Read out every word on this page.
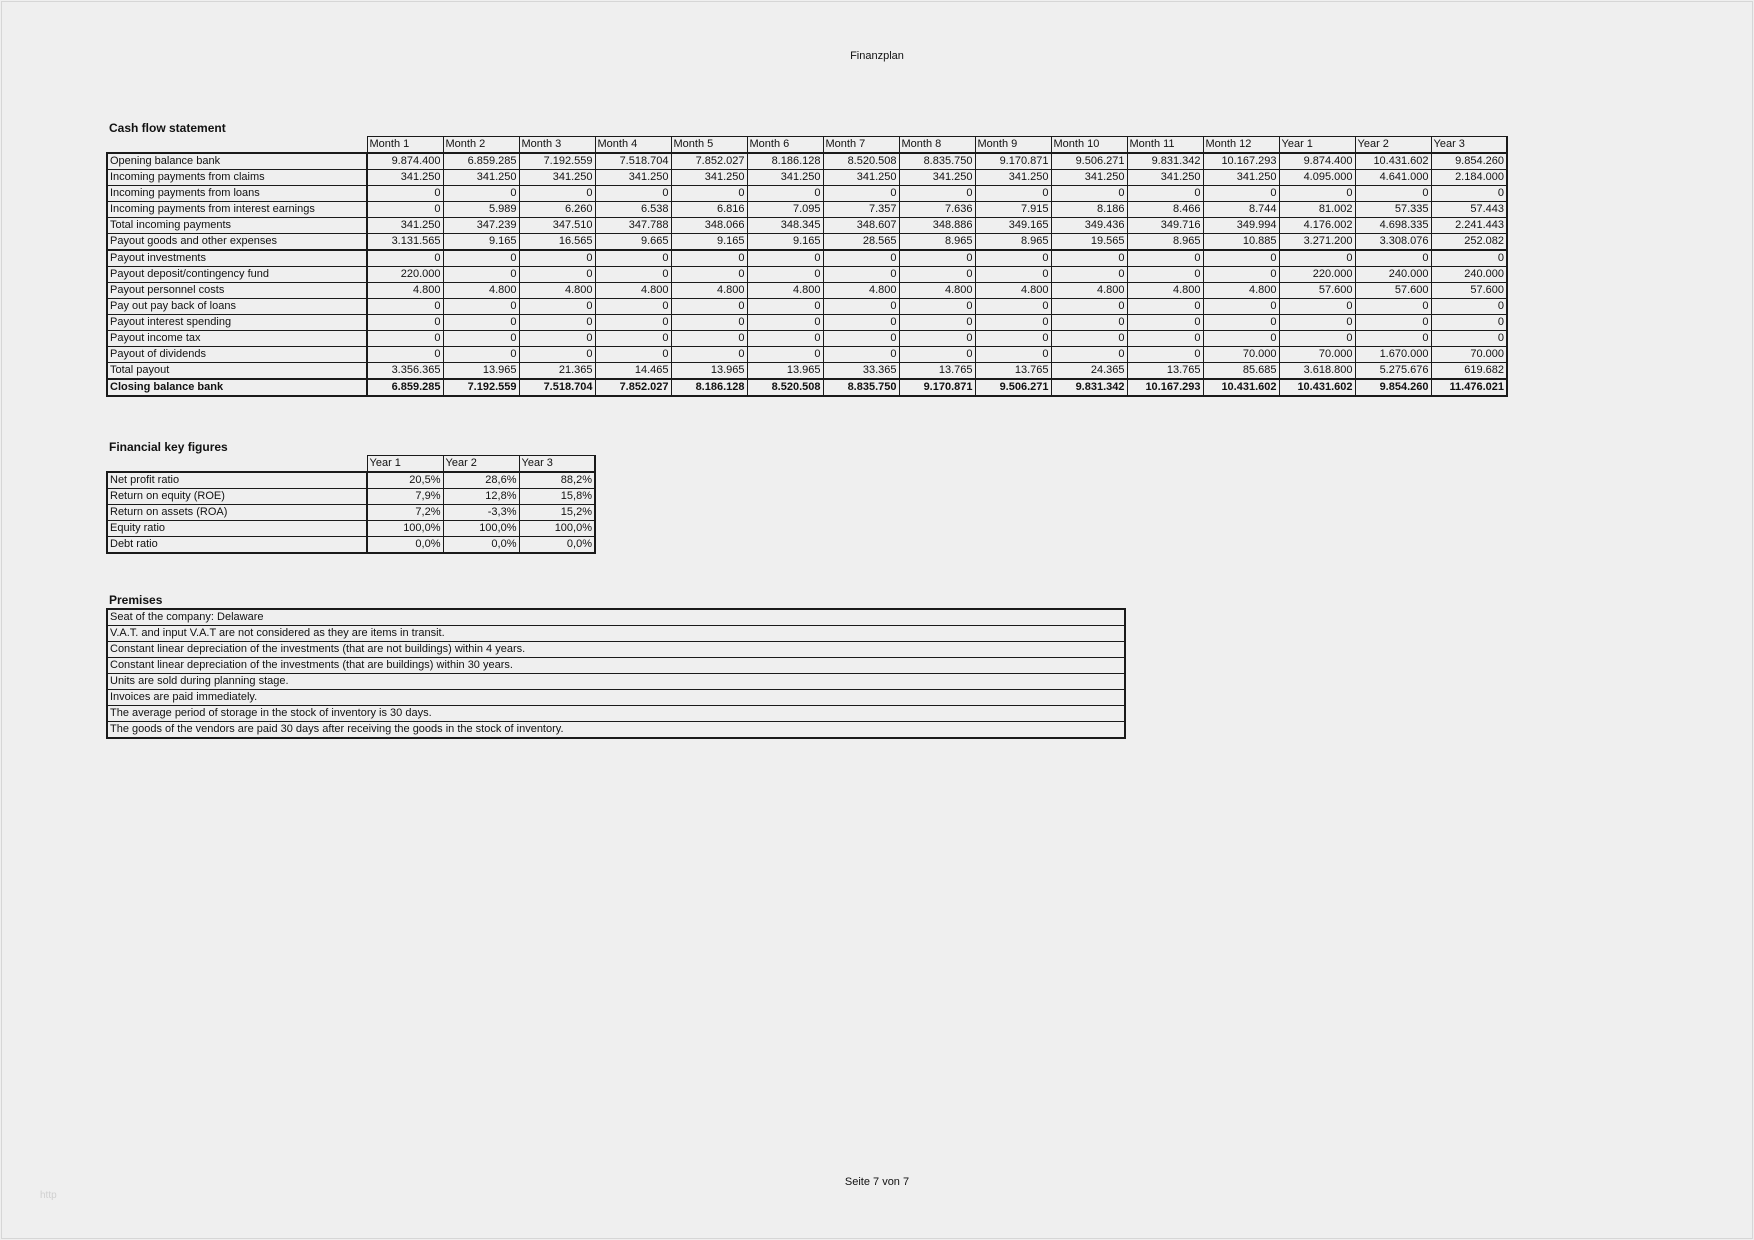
Finanzplan
Cash flow statement
	Month 1	Month 2	Month 3	Month 4	Month 5	Month 6	Month 7	Month 8	Month 9	Month 10	Month 11	Month 12	Year 1	Year 2	Year 3
Opening balance bank	9.874.400	6.859.285	7.192.559	7.518.704	7.852.027	8.186.128	8.520.508	8.835.750	9.170.871	9.506.271	9.831.342	10.167.293	9.874.400	10.431.602	9.854.260
Incoming payments from claims	341.250	341.250	341.250	341.250	341.250	341.250	341.250	341.250	341.250	341.250	341.250	341.250	4.095.000	4.641.000	2.184.000
Incoming payments from loans	0	0	0	0	0	0	0	0	0	0	0	0	0	0	0
Incoming payments from interest earnings	0	5.989	6.260	6.538	6.816	7.095	7.357	7.636	7.915	8.186	8.466	8.744	81.002	57.335	57.443
Total incoming payments	341.250	347.239	347.510	347.788	348.066	348.345	348.607	348.886	349.165	349.436	349.716	349.994	4.176.002	4.698.335	2.241.443
Payout goods and other expenses	3.131.565	9.165	16.565	9.665	9.165	9.165	28.565	8.965	8.965	19.565	8.965	10.885	3.271.200	3.308.076	252.082
Payout investments	0	0	0	0	0	0	0	0	0	0	0	0	0	0	0
Payout deposit/contingency fund	220.000	0	0	0	0	0	0	0	0	0	0	0	220.000	240.000	240.000
Payout personnel costs	4.800	4.800	4.800	4.800	4.800	4.800	4.800	4.800	4.800	4.800	4.800	4.800	57.600	57.600	57.600
Pay out pay back of loans	0	0	0	0	0	0	0	0	0	0	0	0	0	0	0
Payout interest spending	0	0	0	0	0	0	0	0	0	0	0	0	0	0	0
Payout income tax	0	0	0	0	0	0	0	0	0	0	0	0	0	0	0
Payout of dividends	0	0	0	0	0	0	0	0	0	0	0	70.000	70.000	1.670.000	70.000
Total payout	3.356.365	13.965	21.365	14.465	13.965	13.965	33.365	13.765	13.765	24.365	13.765	85.685	3.618.800	5.275.676	619.682
Closing balance bank	6.859.285	7.192.559	7.518.704	7.852.027	8.186.128	8.520.508	8.835.750	9.170.871	9.506.271	9.831.342	10.167.293	10.431.602	10.431.602	9.854.260	11.476.021
Financial key figures
	Year 1	Year 2	Year 3
Net profit ratio	20,5%	28,6%	88,2%
Return on equity (ROE)	7,9%	12,8%	15,8%
Return on assets (ROA)	7,2%	-3,3%	15,2%
Equity ratio	100,0%	100,0%	100,0%
Debt ratio	0,0%	0,0%	0,0%
Premises
Seat of the company: Delaware
V.A.T. and input V.A.T are not considered as they are items in transit.
Constant linear depreciation of the investments (that are not buildings) within 4 years.
Constant linear depreciation of the investments (that are buildings) within 30 years.
Units are sold during planning stage.
Invoices are paid immediately.
The average period of storage in the stock of inventory is 30 days.
The goods of the vendors are paid 30 days after receiving the goods in the stock of inventory.
Seite 7 von 7
http
